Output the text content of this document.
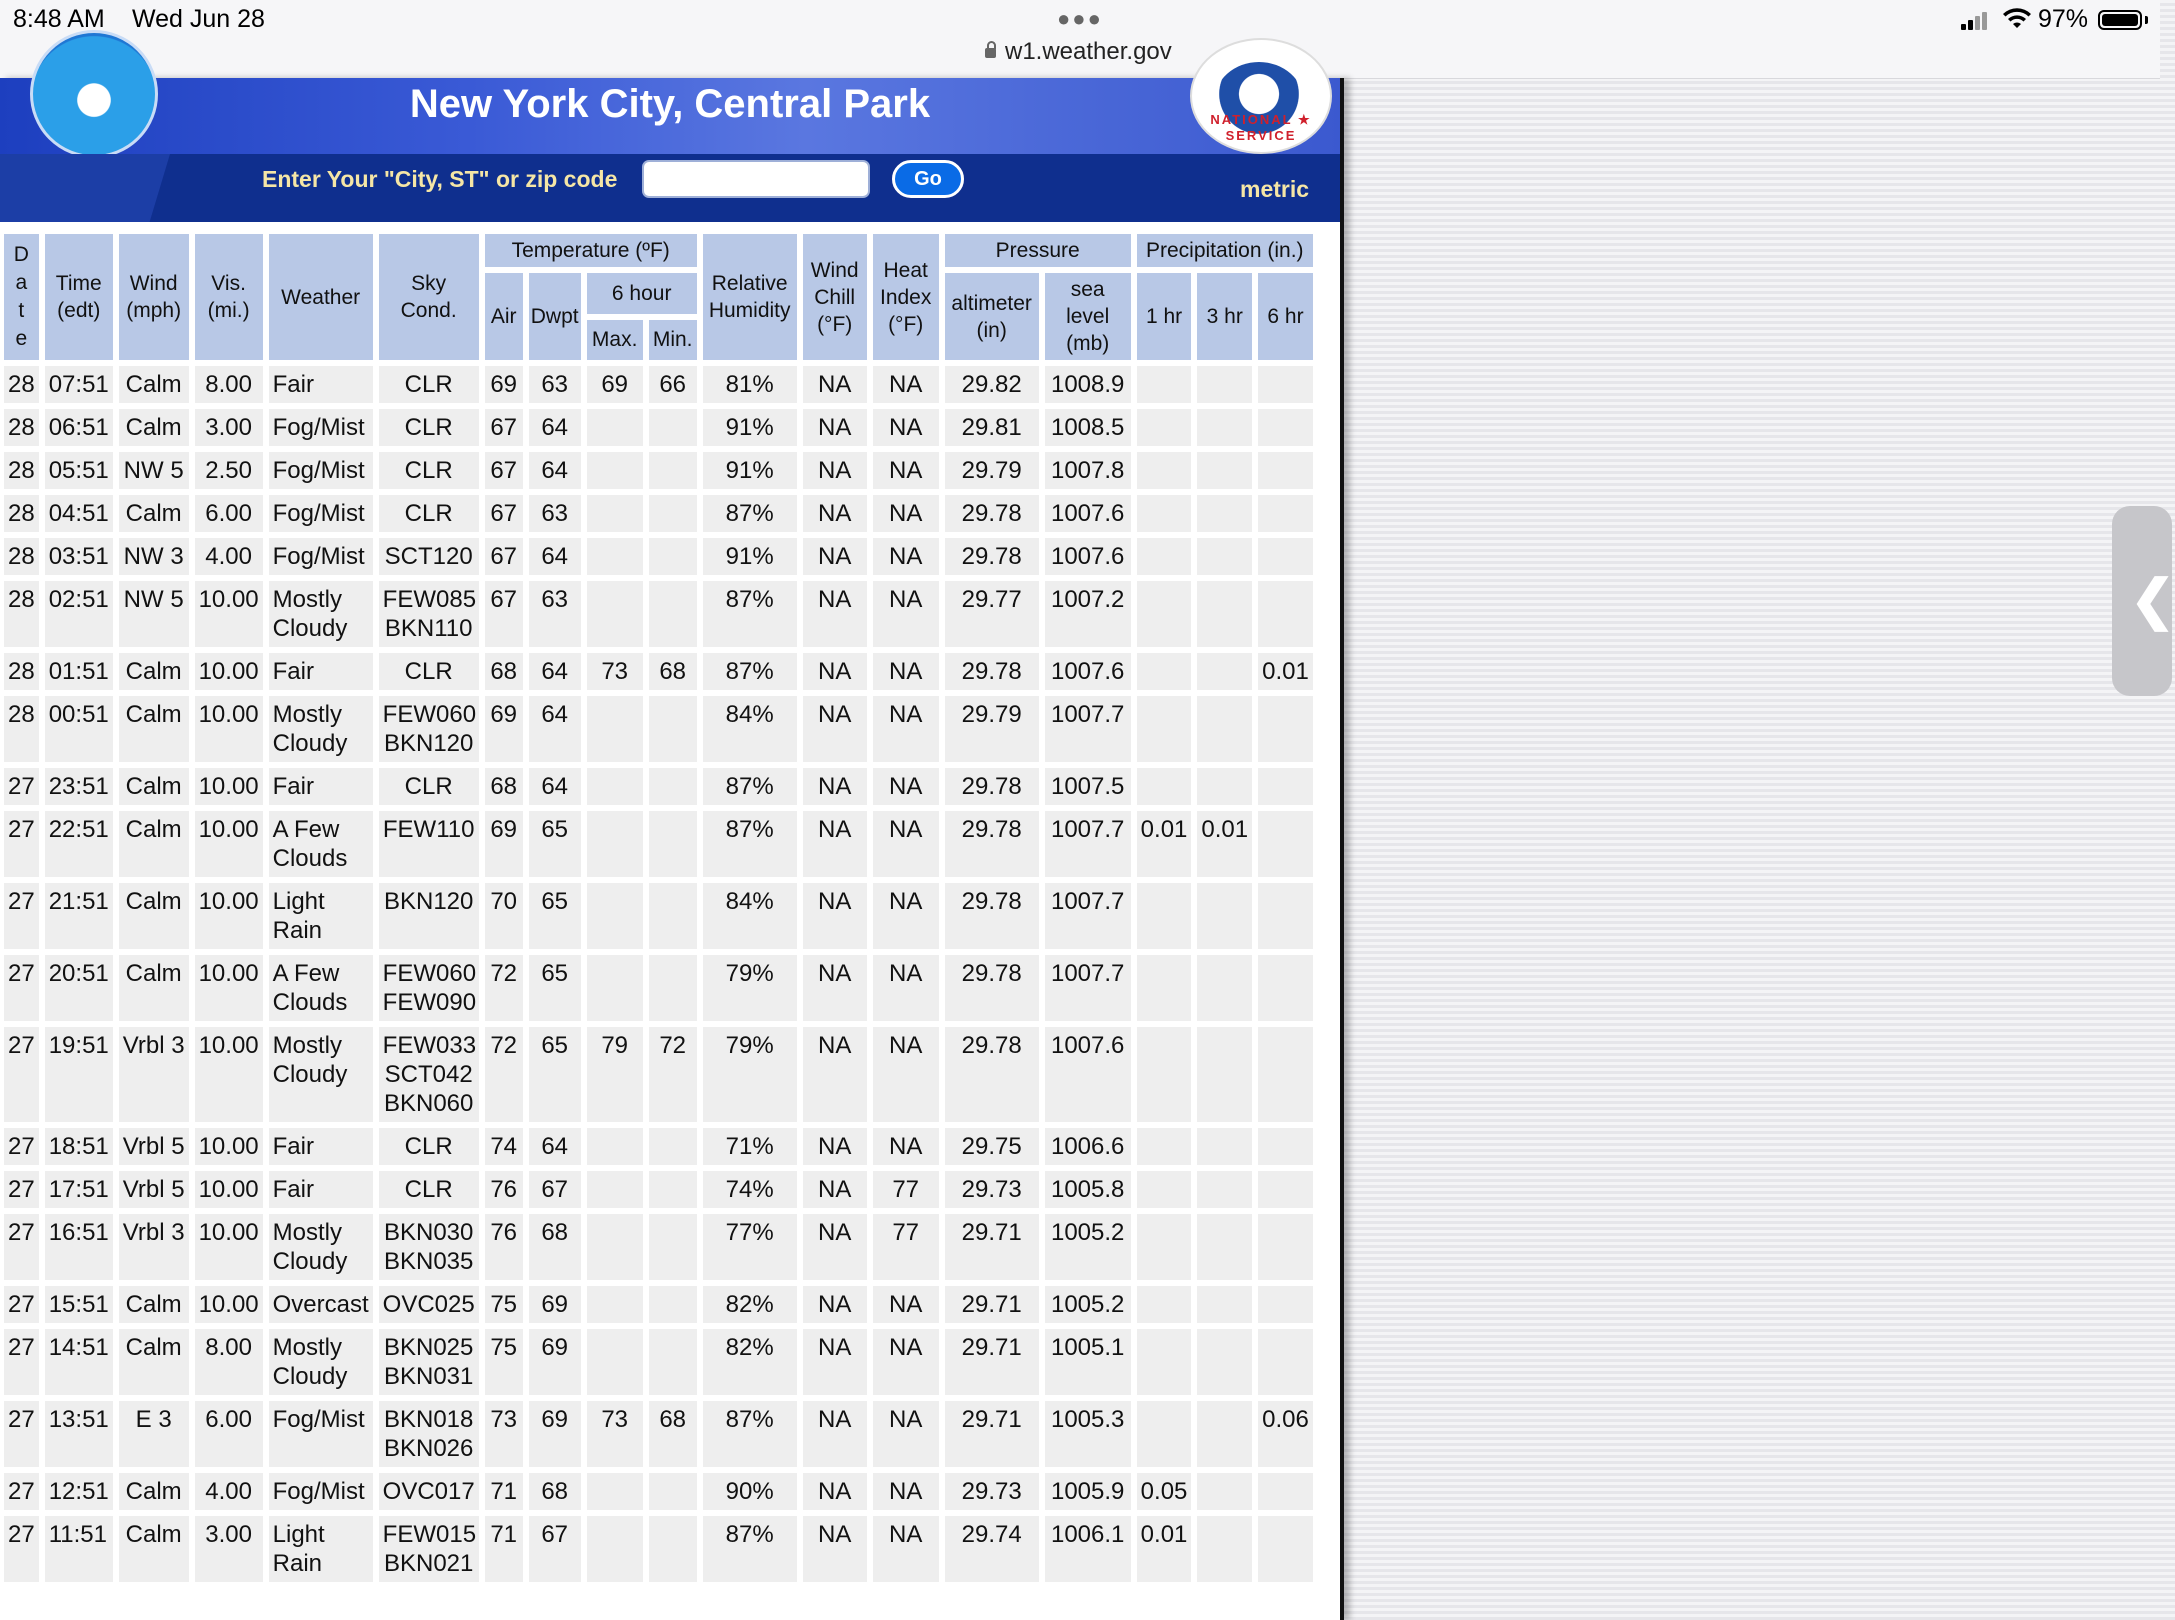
8:48 AM Wed Jun 28	●●●
w1.weather.gov
97%
New York City, Central Park	NATIONAL ★ SERVICE
Enter Your "City, ST" or zip code	Go	metric
D
a
t
e	Time (edt)	Wind (mph)	Vis. (mi.)	Weather	Sky Cond.	Temperature (ºF)				Relative Humidity	Wind Chill (°F)	Heat Index (°F)	Pressure		Precipitation (in.)		
						Air	Dwpt	6 hour					altimeter (in)	sea level (mb)	1 hr	3 hr	6 hr
								Max.	Min.								
28	07:51	Calm	8.00	Fair	CLR	69	63	69	66	81%	NA	NA	29.82	1008.9			
28	06:51	Calm	3.00	Fog/Mist	CLR	67	64			91%	NA	NA	29.81	1008.5			
28	05:51	NW 5	2.50	Fog/Mist	CLR	67	64			91%	NA	NA	29.79	1007.8			
28	04:51	Calm	6.00	Fog/Mist	CLR	67	63			87%	NA	NA	29.78	1007.6			
28	03:51	NW 3	4.00	Fog/Mist	SCT120	67	64			91%	NA	NA	29.78	1007.6			
28	02:51	NW 5	10.00	Mostly Cloudy	FEW085 BKN110	67	63			87%	NA	NA	29.77	1007.2			
28	01:51	Calm	10.00	Fair	CLR	68	64	73	68	87%	NA	NA	29.78	1007.6			0.01
28	00:51	Calm	10.00	Mostly Cloudy	FEW060 BKN120	69	64			84%	NA	NA	29.79	1007.7			
27	23:51	Calm	10.00	Fair	CLR	68	64			87%	NA	NA	29.78	1007.5			
27	22:51	Calm	10.00	A Few Clouds	FEW110	69	65			87%	NA	NA	29.78	1007.7	0.01	0.01	
27	21:51	Calm	10.00	Light Rain	BKN120	70	65			84%	NA	NA	29.78	1007.7			
27	20:51	Calm	10.00	A Few Clouds	FEW060 FEW090	72	65			79%	NA	NA	29.78	1007.7			
27	19:51	Vrbl 3	10.00	Mostly Cloudy	FEW033 SCT042 BKN060	72	65	79	72	79%	NA	NA	29.78	1007.6			
27	18:51	Vrbl 5	10.00	Fair	CLR	74	64			71%	NA	NA	29.75	1006.6			
27	17:51	Vrbl 5	10.00	Fair	CLR	76	67			74%	NA	77	29.73	1005.8			
27	16:51	Vrbl 3	10.00	Mostly Cloudy	BKN030 BKN035	76	68			77%	NA	77	29.71	1005.2			
27	15:51	Calm	10.00	Overcast	OVC025	75	69			82%	NA	NA	29.71	1005.2			
27	14:51	Calm	8.00	Mostly Cloudy	BKN025 BKN031	75	69			82%	NA	NA	29.71	1005.1			
27	13:51	E 3	6.00	Fog/Mist	BKN018 BKN026	73	69	73	68	87%	NA	NA	29.71	1005.3			0.06
27	12:51	Calm	4.00	Fog/Mist	OVC017	71	68			90%	NA	NA	29.73	1005.9	0.05		
27	11:51	Calm	3.00	Light Rain	FEW015 BKN021	71	67			87%	NA	NA	29.74	1006.1	0.01		
❮
